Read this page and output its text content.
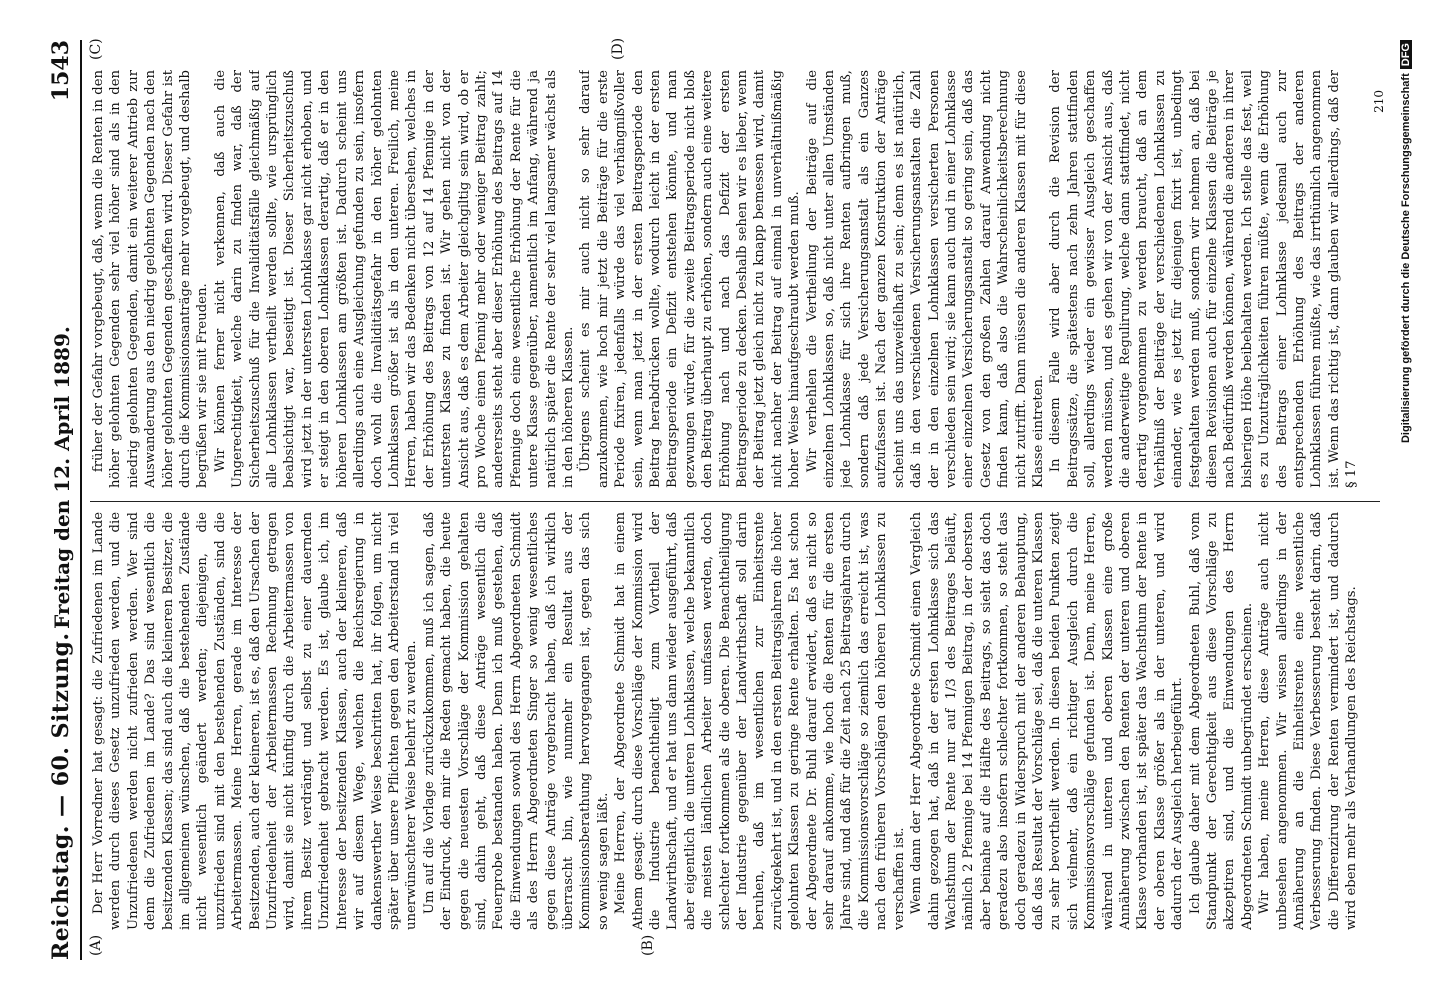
Reichstag. — 60. Sitzung.
Freitag den 12. April 1889.
1543
(A)	(B)
(C)	(D)

Der Herr Vorredner hat gesagt: die Zufriedenen im Lande werden durch dieses Gesetz unzufrieden werden, und die Unzufriedenen werden nicht zufrieden werden. Wer sind denn die Zufriedenen im Lande? Das sind wesentlich die besitzenden Klassen; das sind auch die kleineren Besitzer, die im allgemeinen wünschen, daß die bestehenden Zustände nicht wesentlich geändert werden; diejenigen, die unzufrieden sind mit den bestehenden Zuständen, sind die Arbeitermassen. Meine Herren, gerade im Interesse der Besitzenden, auch der kleineren, ist es, daß den Ursachen der Unzufriedenheit der Arbeitermassen Rechnung getragen wird, damit sie nicht künftig durch die Arbeitermassen von ihrem Besitz verdrängt und selbst zu einer dauernden Unzufriedenheit gebracht werden. Es ist, glaube ich, im Interesse der besitzenden Klassen, auch der kleineren, daß wir auf diesem Wege, welchen die Reichsregierung in dankenswerther Weise beschritten hat, ihr folgen, um nicht später über unsere Pflichten gegen den Arbeiterstand in viel unerwünschterer Weise belehrt zu werden. Um auf die Vorlage zurückzukommen, muß ich sagen, daß der Eindruck, den mir die Reden gemacht haben, die heute gegen die neuesten Vorschläge der Kommission gehalten sind, dahin geht, daß diese Anträge wesentlich die Feuerprobe bestanden haben. Denn ich muß gestehen, daß die Einwendungen sowohl des Herrn Abgeordneten Schmidt als des Herrn Abgeordneten Singer so wenig wesentliches gegen diese Anträge vorgebracht haben, daß ich wirklich überrascht bin, wie nunmehr ein Resultat aus der Kommissionsberathung hervorgegangen ist, gegen das sich so wenig sagen läßt. Meine Herren, der Abgeordnete Schmidt hat in einem Athem gesagt: durch diese Vorschläge der Kommission wird die Industrie benachtheiligt zum Vortheil der Landwirthschaft, und er hat uns dann wieder ausgeführt, daß aber eigentlich die unteren Lohnklassen, welche bekanntlich die meisten ländlichen Arbeiter umfassen werden, doch schlechter fortkommen als die oberen. Die Benachtheiligung der Industrie gegenüber der Landwirthschaft soll darin beruhen, daß im wesentlichen zur Einheitsrente zurückgekehrt ist, und in den ersten Beitragsjahren die höher gelohnten Klassen zu geringe Rente erhalten. Es hat schon der Abgeordnete Dr. Buhl darauf erwidert, daß es nicht so sehr darauf ankomme, wie hoch die Renten für die ersten Jahre sind, und daß für die Zeit nach 25 Beitragsjahren durch die Kommissionsvorschläge so ziemlich das erreicht ist, was nach den früheren Vorschlägen den höheren Lohnklassen zu verschaffen ist. Wenn dann der Herr Abgeordnete Schmidt einen Vergleich dahin gezogen hat, daß in der ersten Lohnklasse sich das Wachsthum der Rente nur auf 1/3 des Beitrages beläuft, nämlich 2 Pfennige bei 14 Pfennigen Beitrag, in der obersten aber beinahe auf die Hälfte des Beitrags, so sieht das doch geradezu also insofern schlechter fortkommen, so steht das doch geradezu in Widerspruch mit der anderen Behauptung, daß das Resultat der Vorschläge sei, daß die unteren Klassen zu sehr bevortheilt werden. In diesen beiden Punkten zeigt sich vielmehr, daß ein richtiger Ausgleich durch die Kommissionsvorschläge gefunden ist. Denn, meine Herren, während in unteren und oberen Klassen eine große Annäherung zwischen den Renten der unteren und oberen Klasse vorhanden ist, ist später das Wachsthum der Rente in der oberen Klasse größer als in der unteren, und wird dadurch der Ausgleich herbeigeführt. Ich glaube daher mit dem Abgeordneten Buhl, daß vom Standpunkt der Gerechtigkeit aus diese Vorschläge zu akzeptiren sind, und die Einwendungen des Herrn Abgeordneten Schmidt unbegründet erscheinen. Wir haben, meine Herren, diese Anträge auch nicht unbesehen angenommen. Wir wissen allerdings in der Annäherung an die Einheitsrente eine wesentliche Verbesserung finden. Diese Verbesserung besteht darin, daß die Differenzirung der Renten vermindert ist, und dadurch wird eben mehr als Verhandlungen des Reichstags.

früher der Gefahr vorgebeugt, daß, wenn die Renten in den höher gelohnten Gegenden sehr viel höher sind als in den niedrig gelohnten Gegenden, damit ein weiterer Antrieb zur Auswanderung aus den niedrig gelohnten Gegenden nach den höher gelohnten Gegenden geschaffen wird. Dieser Gefahr ist durch die Kommissionsanträge mehr vorgebeugt, und deshalb begrüßen wir sie mit Freuden. Wir können ferner nicht verkennen, daß auch die Ungerechtigkeit, welche darin zu finden war, daß der Sicherheitszuschuß für die Invaliditätsfälle gleichmäßig auf alle Lohnklassen vertheilt werden sollte, wie ursprünglich beabsichtigt war, beseitigt ist. Dieser Sicherheitszuschuß wird jetzt in der untersten Lohnklasse gar nicht erhoben, und er steigt in den oberen Lohnklassen derartig, daß er in den höheren Lohnklassen am größten ist. Dadurch scheint uns allerdings auch eine Ausgleichung gefunden zu sein, insofern doch wohl die Invaliditätsgefahr in den höher gelohnten Lohnklassen größer ist als in den unteren. Freilich, meine Herren, haben wir das Bedenken nicht übersehen, welches in der Erhöhung des Beitrags von 12 auf 14 Pfennige in der untersten Klasse zu finden ist. Wir gehen nicht von der Ansicht aus, daß es dem Arbeiter gleichgiltig sein wird, ob er pro Woche einen Pfennig mehr oder weniger Beitrag zahlt; andererseits steht aber dieser Erhöhung des Beitrags auf 14 Pfennige doch eine wesentliche Erhöhung der Rente für die untere Klasse gegenüber, namentlich im Anfang, während ja natürlich später die Rente der sehr viel langsamer wächst als in den höheren Klassen. Übrigens scheint es mir auch nicht so sehr darauf anzukommen, wie hoch mir jetzt die Beiträge für die erste Periode fixiren, jedenfalls würde das viel verhängnißvoller sein, wenn man jetzt in der ersten Beitragsperiode den Beitrag herabdrücken wollte, wodurch leicht in der ersten Beitragsperiode ein Defizit entstehen könnte, und man gezwungen würde, für die zweite Beitragsperiode nicht bloß den Beitrag überhaupt zu erhöhen, sondern auch eine weitere Erhöhung nach und nach das Defizit der ersten Beitragsperiode zu decken. Deshalb sehen wir es lieber, wenn der Beitrag jetzt gleich nicht zu knapp bemessen wird, damit nicht nachher der Beitrag auf einmal in unverhältnißmäßig hoher Weise hinaufgeschraubt werden muß. Wir verhehlen die Vertheilung der Beiträge auf die einzelnen Lohnklassen so, daß nicht unter allen Umständen jede Lohnklasse für sich ihre Renten aufbringen muß, sondern daß jede Versicherungsanstalt als ein Ganzes aufzufassen ist. Nach der ganzen Konstruktion der Anträge scheint uns das unzweifelhaft zu sein; denn es ist natürlich, daß in den verschiedenen Versicherungsanstalten die Zahl der in den einzelnen Lohnklassen versicherten Personen verschieden sein wird; sie kann auch und in einer Lohnklasse einer einzelnen Versicherungsanstalt so gering sein, daß das Gesetz von den großen Zahlen darauf Anwendung nicht finden kann, daß also die Wahrscheinlichkeitsberechnung nicht zutrifft. Dann müssen die anderen Klassen mit für diese Klasse eintreten. In diesem Falle wird aber durch die Revision der Beitragssätze, die spätestens nach zehn Jahren stattfinden soll, allerdings wieder ein gewisser Ausgleich geschaffen werden müssen, und es gehen wir von der Ansicht aus, daß die anderweitige Regulirung, welche dann stattfindet, nicht derartig vorgenommen zu werden braucht, daß an dem Verhältniß der Beiträge der verschiedenen Lohnklassen zu einander, wie es jetzt für diejenigen fixirt ist, unbedingt festgehalten werden muß, sondern wir nehmen an, daß bei diesen Revisionen auch für einzelne Klassen die Beiträge je nach Bedürfniß werden können, während die anderen in ihrer bisherigen Höhe beibehalten werden. Ich stelle das fest, weil es zu Unzuträglichkeiten führen müßte, wenn die Erhöhung des Beitrags einer Lohnklasse jedesmal auch zur entsprechenden Erhöhung des Beitrags der anderen Lohnklassen führen müßte, wie das irrthümlich angenommen ist. Wenn das richtig ist, dann glauben wir allerdings, daß der § 17

210 Digitalisierung gefördert durch die Deutsche ForschungsgemeinschaftDFG
